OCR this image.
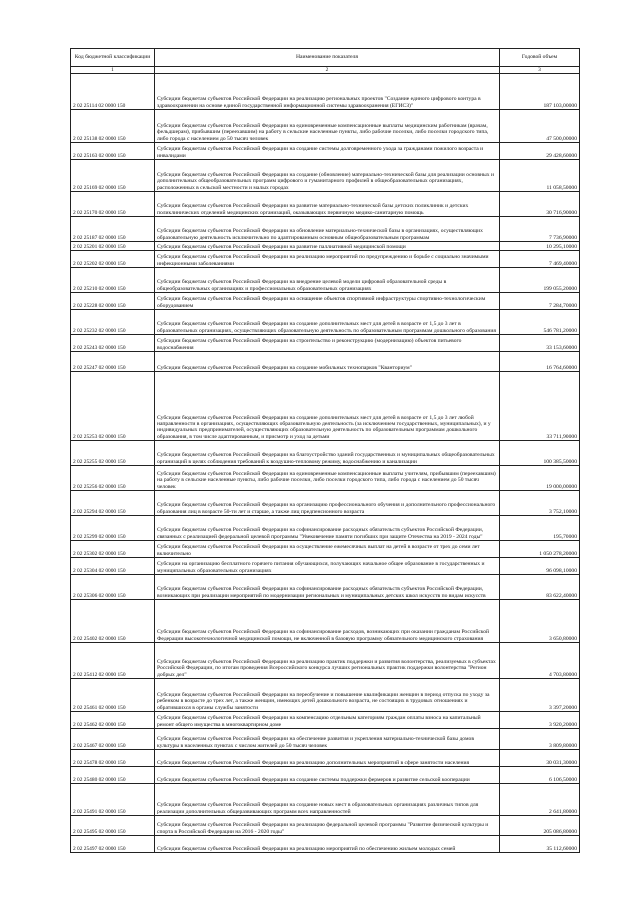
Код бюджетной классификации	Наименование показателя	Годовой объем
1	2	3
2 02 25114 02 0000 150	Субсидии бюджетам субъектов Российской Федерации на реализацию региональных проектов "Создание единого цифрового контура в здравоохранении на основе единой государственной информационной системы здравоохранения (ЕГИСЗ)"	187 103,00000
2 02 25138 02 0000 150	Субсидии бюджетам субъектов Российской Федерации на единовременные компенсационные выплаты медицинским работникам (врачам, фельдшерам), прибывшим (переехавшим) на работу в сельские населенные пункты, либо рабочие поселки, либо поселки городского типа, либо города с населением до 50 тысяч человек	47 500,00000
2 02 25163 02 0000 150	Субсидии бюджетам субъектов Российской Федерации на создание системы долговременного ухода за гражданами пожилого возраста и инвалидами	29 428,60000
2 02 25169 02 0000 150	Субсидии бюджетам субъектов Российской Федерации на создание (обновление) материально-технической базы для реализации основных и дополнительных общеобразовательных программ цифрового и гуманитарного профилей в общеобразовательных организациях, расположенных в сельской местности и малых городах	11 058,50000
2 02 25170 02 0000 150	Субсидии бюджетам субъектов Российской Федерации на развитие материально-технической базы детских поликлиник и детских поликлинических отделений медицинских организаций, оказывающих первичную медико-санитарную помощь	30 716,90000
2 02 25187 02 0000 150	Субсидии бюджетам субъектов Российской Федерации на обновление материально-технической базы в организациях, осуществляющих образовательную деятельность исключительно по адаптированным основным общеобразовательным программам	7 736,90000
2 02 25201 02 0000 150	Субсидии бюджетам субъектов Российской Федерации на развитие паллиативной медицинской помощи	10 295,10000
2 02 25202 02 0000 150	Субсидии бюджетам субъектов Российской Федерации на реализацию мероприятий по предупреждению и борьбе с социально значимыми инфекционными заболеваниями	7 469,40000
2 02 25210 02 0000 150	Субсидии бюджетам субъектов Российской Федерации на внедрение целевой модели цифровой образовательной среды в общеобразовательных организациях и профессиональных образовательных организациях	199 055,20000
2 02 25228 02 0000 150	Субсидии бюджетам субъектов Российской Федерации на оснащение объектов спортивной инфраструктуры спортивно-технологическим оборудованием	7 284,70000
2 02 25232 02 0000 150	Субсидии бюджетам субъектов Российской Федерации на создание дополнительных мест для детей в возрасте от 1,5 до 3 лет в образовательных организациях, осуществляющих образовательную деятельность по образовательным программам дошкольного образования	546 781,20000
2 02 25243 02 0000 150	Субсидии бюджетам субъектов Российской Федерации на строительство и реконструкцию (модернизацию) объектов питьевого водоснабжения	33 153,60000
2 02 25247 02 0000 150	Субсидии бюджетам субъектов Российской Федерации на создание мобильных технопарков "Кванториум"	16 764,60000
2 02 25253 02 0000 150	Субсидии бюджетам субъектов Российской Федерации на создание дополнительных мест для детей в возрасте от 1,5 до 3 лет любой направленности в организациях, осуществляющих образовательную деятельность (за исключением государственных, муниципальных), и у индивидуальных предпринимателей, осуществляющих образовательную деятельность по образовательным программам дошкольного образования, в том числе адаптированным, и присмотр и уход за детьми	33 711,90000
2 02 25255 02 0000 150	Субсидии бюджетам субъектов Российской Федерации на благоустройство зданий государственных и муниципальных общеобразовательных организаций в целях соблюдения требований к воздушно-тепловому режиму, водоснабжению и канализации	100 385,50000
2 02 25256 02 0000 150	Субсидии бюджетам субъектов Российской Федерации на единовременные компенсационные выплаты учителям, прибывшим (переехавшим) на работу в сельские населенные пункты, либо рабочие поселки, либо поселки городского типа, либо города с населением до 50 тысяч человек	19 000,00000
2 02 25294 02 0000 150	Субсидии бюджетам субъектов Российской Федерации на организацию профессионального обучения и дополнительного профессионального образования лиц в возрасте 50-ти лет и старше, а также лиц предпенсионного возраста	3 752,10000
2 02 25299 02 0000 150	Субсидии бюджетам субъектов Российской Федерации на софинансирование расходных обязательств субъектов Российской Федерации, связанных с реализацией федеральной целевой программы "Увековечение памяти погибших при защите Отечества на 2019 - 2024 годы"	195,70000
2 02 25302 02 0000 150	Субсидии бюджетам субъектов Российской Федерации на осуществление ежемесячных выплат на детей в возрасте от трех до семи лет включительно	1 050 278,20000
2 02 25304 02 0000 150	Субсидии на организацию бесплатного горячего питания обучающихся, получающих начальное общее образование в государственных и муниципальных образовательных организациях	96 098,10000
2 02 25306 02 0000 150	Субсидии бюджетам субъектов Российской Федерации на софинансирование расходных обязательств субъектов Российской Федерации, возникающих при реализации мероприятий по модернизации региональных и муниципальных детских школ искусств по видам искусств	83 622,40000
2 02 25402 02 0000 150	Субсидии бюджетам субъектов Российской Федерации на софинансирование расходов, возникающих при оказании гражданам Российской Федерации высокотехнологичной медицинской помощи, не включенной в базовую программу обязательного медицинского страхования	3 650,80000
2 02 25412 02 0000 150	Субсидии бюджетам субъектов Российской Федерации на реализацию практик поддержки и развития волонтерства, реализуемых в субъектах Российской Федерации, по итогам проведения Всероссийского конкурса лучших региональных практик поддержки волонтерства "Регион добрых дел"	4 703,80000
2 02 25461 02 0000 150	Субсидии бюджетам субъектов Российской Федерации на переобучение и повышение квалификации женщин в период отпуска по уходу за ребенком в возрасте до трех лет, а также женщин, имеющих детей дошкольного возраста, не состоящих в трудовых отношениях и обратившихся в органы службы занятости	3 397,20000
2 02 25462 02 0000 150	Субсидии бюджетам субъектов Российской Федерации на компенсацию отдельным категориям граждан оплаты взноса на капитальный ремонт общего имущества в многоквартирном доме	3 920,20000
2 02 25467 02 0000 150	Субсидии бюджетам субъектов Российской Федерации на обеспечение развития и укрепления материально-технической базы домов культуры в населенных пунктах с числом жителей до 50 тысяч человек	3 809,80000
2 02 25478 02 0000 150	Субсидии бюджетам субъектов Российской Федерации на реализацию дополнительных мероприятий в сфере занятости населения	30 031,30000
2 02 25480 02 0000 150	Субсидии бюджетам субъектов Российской Федерации на создание системы поддержки фермеров и развитие сельской кооперации	6 106,50000
2 02 25491 02 0000 150	Субсидии бюджетам субъектов Российской Федерации на создание новых мест в образовательных организациях различных типов для реализации дополнительных общеразвивающих программ всех направленностей	2 641,80000
2 02 25495 02 0000 150	Субсидии бюджетам субъектов Российской Федерации на реализацию федеральной целевой программы "Развитие физической культуры и спорта в Российской Федерации на 2016 - 2020 годы"	205 086,80000
2 02 25497 02 0000 150	Субсидии бюджетам субъектов Российской Федерации на реализацию мероприятий по обеспечению жильем молодых семей	35 112,60000
